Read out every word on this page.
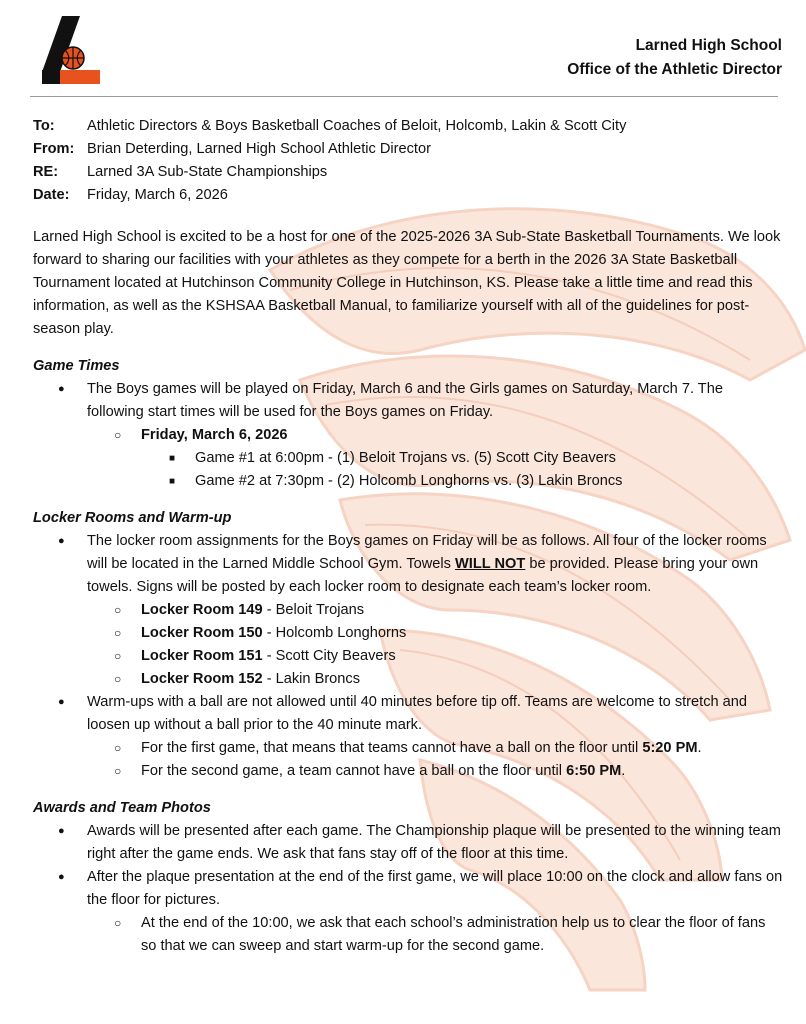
L
Larned High School
Office of the Athletic Director
To:	Athletic Directors & Boys Basketball Coaches of Beloit, Holcomb, Lakin & Scott City
From: Brian Deterding, Larned High School Athletic Director
RE:	Larned 3A Sub-State Championships
Date:	Friday, March 6, 2026

Larned High School is excited to be a host for one of the 2025-2026 3A Sub-State Basketball Tournaments. We look forward to sharing our facilities with your athletes as they compete for a berth in the 2026 3A State Basketball Tournament located at Hutchinson Community College in Hutchinson, KS. Please take a little time and read this information, as well as the KSHSAA Basketball Manual, to familiarize yourself with all of the guidelines for post-season play.

Game Times
● The Boys games will be played on Friday, March 6 and the Girls games on Saturday, March 7. The following start times will be used for the Boys games on Friday.
○ Friday, March 6, 2026
■ Game #1 at 6:00pm - (1) Beloit Trojans vs. (5) Scott City Beavers
■ Game #2 at 7:30pm - (2) Holcomb Longhorns vs. (3) Lakin Broncs
Locker Rooms and Warm-up
● The locker room assignments for the Boys games on Friday will be as follows. All four of the locker rooms will be located in the Larned Middle School Gym. Towels WILL NOT be provided. Please bring your own towels. Signs will be posted by each locker room to designate each team’s locker room.
○ Locker Room 149 - Beloit Trojans
○ Locker Room 150 - Holcomb Longhorns
○ Locker Room 151 - Scott City Beavers
○ Locker Room 152 - Lakin Broncs
● Warm-ups with a ball are not allowed until 40 minutes before tip off. Teams are welcome to stretch and loosen up without a ball prior to the 40 minute mark.
○ For the first game, that means that teams cannot have a ball on the floor until 5:20 PM.
○ For the second game, a team cannot have a ball on the floor until 6:50 PM.
Awards and Team Photos
● Awards will be presented after each game. The Championship plaque will be presented to the winning team right after the game ends. We ask that fans stay off of the floor at this time.
● After the plaque presentation at the end of the first game, we will place 10:00 on the clock and allow fans on the floor for pictures.
○ At the end of the 10:00, we ask that each school’s administration help us to clear the floor of fans so that we can sweep and start warm-up for the second game.
